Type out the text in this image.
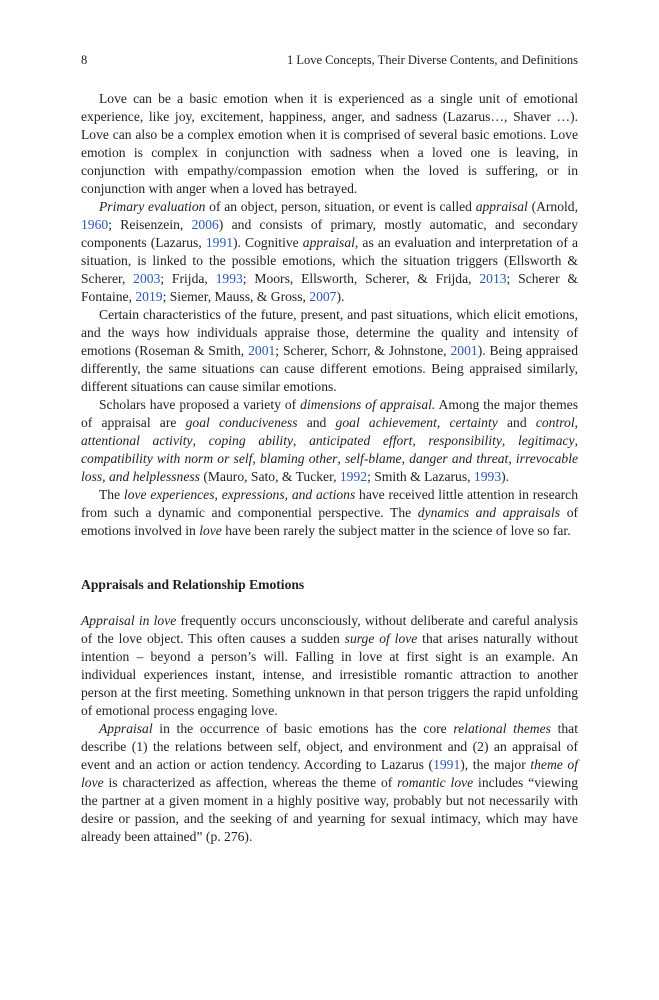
8	1 Love Concepts, Their Diverse Contents, and Definitions

Love can be a basic emotion when it is experienced as a single unit of emotional experience, like joy, excitement, happiness, anger, and sadness (Lazarus…, Shaver …). Love can also be a complex emotion when it is comprised of several basic emotions. Love emotion is complex in conjunction with sadness when a loved one is leaving, in conjunction with empathy/compassion emotion when the loved is suffering, or in conjunction with anger when a loved has betrayed.

Primary evaluation of an object, person, situation, or event is called appraisal (Arnold, 1960; Reisenzein, 2006) and consists of primary, mostly automatic, and secondary components (Lazarus, 1991). Cognitive appraisal, as an evaluation and interpretation of a situation, is linked to the possible emotions, which the situation triggers (Ellsworth & Scherer, 2003; Frijda, 1993; Moors, Ellsworth, Scherer, & Frijda, 2013; Scherer & Fontaine, 2019; Siemer, Mauss, & Gross, 2007).

Certain characteristics of the future, present, and past situations, which elicit emotions, and the ways how individuals appraise those, determine the quality and intensity of emotions (Roseman & Smith, 2001; Scherer, Schorr, & Johnstone, 2001). Being appraised differently, the same situations can cause different emotions. Being appraised similarly, different situations can cause similar emotions.

Scholars have proposed a variety of dimensions of appraisal. Among the major themes of appraisal are goal conduciveness and goal achievement, certainty and control, attentional activity, coping ability, anticipated effort, responsibility, legitimacy, compatibility with norm or self, blaming other, self-blame, danger and threat, irrevocable loss, and helplessness (Mauro, Sato, & Tucker, 1992; Smith & Lazarus, 1993).

The love experiences, expressions, and actions have received little attention in research from such a dynamic and componential perspective. The dynamics and appraisals of emotions involved in love have been rarely the subject matter in the science of love so far.

Appraisals and Relationship Emotions

Appraisal in love frequently occurs unconsciously, without deliberate and careful analysis of the love object. This often causes a sudden surge of love that arises naturally without intention – beyond a person’s will. Falling in love at first sight is an example. An individual experiences instant, intense, and irresistible romantic attraction to another person at the first meeting. Something unknown in that person triggers the rapid unfolding of emotional process engaging love.

Appraisal in the occurrence of basic emotions has the core relational themes that describe (1) the relations between self, object, and environment and (2) an appraisal of event and an action or action tendency. According to Lazarus (1991), the major theme of love is characterized as affection, whereas the theme of romantic love includes “viewing the partner at a given moment in a highly positive way, probably but not necessarily with desire or passion, and the seeking of and yearning for sexual intimacy, which may have already been attained” (p. 276).
